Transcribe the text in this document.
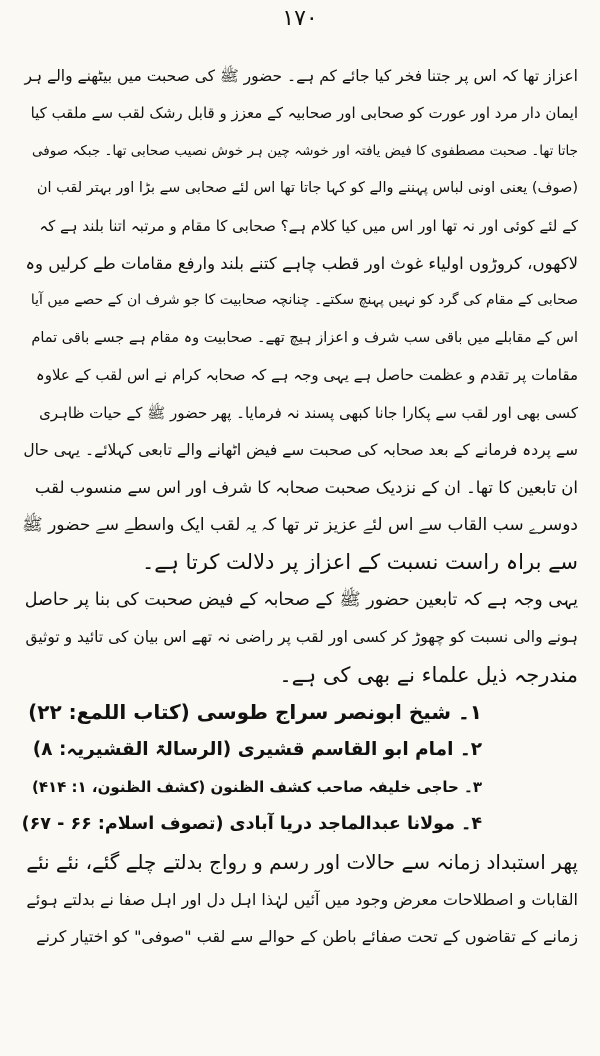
۱۷۰

اعزاز تھا کہ اس پر جتنا فخر کیا جائے کم ہے۔ حضور ﷺ کی صحبت میں بیٹھنے والے ہر
ایمان دار مرد اور عورت کو صحابی اور صحابیہ کے معزز و قابل رشک لقب سے ملقب کیا
جاتا تھا۔ صحبت مصطفوی کا فیض یافتہ اور خوشہ چین ہر خوش نصیب صحابی تھا۔ جبکہ صوفی
(صوف) یعنی اونی لباس پہننے والے کو کہا جاتا تھا اس لئے صحابی سے بڑا اور بہتر لقب ان
کے لئے کوئی اور نہ تھا اور اس میں کیا کلام ہے؟ صحابی کا مقام و مرتبہ اتنا بلند ہے کہ
لاکھوں، کروڑوں اولیاء غوث اور قطب چاہے کتنے بلند وارفع مقامات طے کرلیں وہ
صحابی کے مقام کی گرد کو نہیں پہنچ سکتے۔ چنانچہ صحابیت کا جو شرف ان کے حصے میں آیا
اس کے مقابلے میں باقی سب شرف و اعزاز ہیچ تھے۔ صحابیت وہ مقام ہے جسے باقی تمام
مقامات پر تقدم و عظمت حاصل ہے یہی وجہ ہے کہ صحابہ کرام نے اس لقب کے علاوہ
کسی بھی اور لقب سے پکارا جانا کبھی پسند نہ فرمایا۔ پھر حضور ﷺ کے حیات ظاہری
سے پردہ فرمانے کے بعد صحابہ کی صحبت سے فیض اٹھانے والے تابعی کہلائے۔ یہی حال
ان تابعین کا تھا۔ ان کے نزدیک صحبت صحابہ کا شرف اور اس سے منسوب لقب
دوسرے سب القاب سے اس لئے عزیز تر تھا کہ یہ لقب ایک واسطے سے حضور ﷺ
سے براہ راست نسبت کے اعزاز پر دلالت کرتا ہے۔

یہی وجہ ہے کہ تابعین حضور ﷺ کے صحابہ کے فیض صحبت کی بنا پر حاصل
ہونے والی نسبت کو چھوڑ کر کسی اور لقب پر راضی نہ تھے اس بیان کی تائید و توثیق
مندرجہ ذیل علماء نے بھی کی ہے۔

۱۔ شیخ ابونصر سراج طوسی (کتاب اللمع: ۲۲)
۲۔ امام ابو القاسم قشیری (الرسالۃ القشیریہ: ۸)
۳۔ حاجی خلیفہ صاحب کشف الظنون (کشف الظنون، ۱: ۴۱۴)
۴۔ مولانا عبدالماجد دریا آبادی (تصوف اسلام: ۶۶ - ۶۷)

پھر استبداد زمانہ سے حالات اور رسم و رواج بدلتے چلے گئے، نئے نئے
القابات و اصطلاحات معرض وجود میں آئیں لہٰذا اہل دل اور اہل صفا نے بدلتے ہوئے
زمانے کے تقاضوں کے تحت صفائے باطن کے حوالے سے لقب "صوفی" کو اختیار کرنے
